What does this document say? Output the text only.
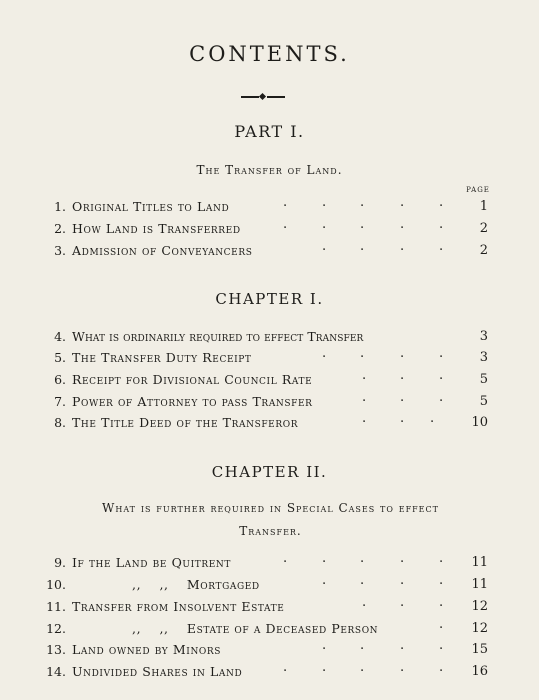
CONTENTS.
PART I.
The Transfer of Land.
PAGE
1. Original Titles to Land	1
.	.	.	.	.
2. How Land is Transferred	2
.	.	.	.	.
3. Admission of Conveyancers	2
.	.	.	.
CHAPTER I.
4. What is ordinarily required to effect Transfer	3
5. The Transfer Duty Receipt	3
.	.	.	.
6. Receipt for Divisional Council Rate	5
.	.	.
7. Power of Attorney to pass Transfer	5
.	.	.
8. The Title Deed of the Transferor	10
.	. .
CHAPTER II.
What is further required in Special Cases to effect
Transfer.
9. If the Land be Quitrent	11
.	.	.	.	.
10.	,,    ,,    Mortgaged	11
.	.	.	.
11. Transfer from Insolvent Estate	12
.	.	.
12.	,,    ,,    Estate of a Deceased Person	12
.
13. Land owned by Minors	15
.	.	.	.
14. Undivided Shares in Land	16
.	.	.	.	.
